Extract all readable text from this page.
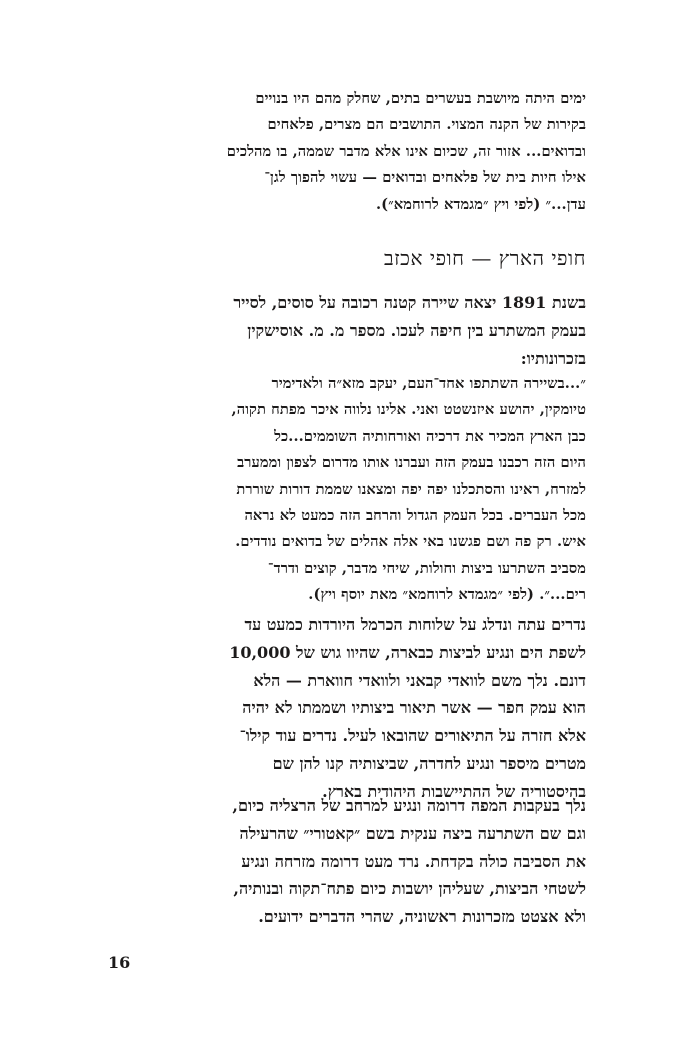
ימים היתה מיושבת בעשרים בתים, שחלק מהם היו בנויים
בקירות של הקנה המצוי. התושבים הם מצרים, פלאחים
ובדואים... אזור זה, שכיום אינו אלא מדבר שממה, בו מהלכים
אילו חיות בית של פלאחים ובדואים — עשוי להפוך לגן־
עדן...״ (לפי ויץ ״מגמדא לרוחמא״).
חופי הארץ — חופי אכזב
בשנת 1891 יצאה שיירה קטנה רכובה על סוסים, לסייר
בעמק המשתרע בין חיפה לעכו. מספר מ. מ. אוסישקין
בזכרונותיו:
״...בשיירה השתתפו אחד־העם, יעקב מזא״ה ולאדימיר
טיומקין, יהושע איזנשטט ואני. אלינו נלווה איכר מפתח תקוה,
כבן הארץ המכיר את דרכיה ואורחותיה השוממים...כל
היום הזה רכבנו בעמק הזה ועברנו אותו מדרום לצפון וממערב
למזרח, ראינו והסתכלנו יפה יפה ומצאנו שממת דורות שוררת
מכל העברים. בכל העמק הגדול והרחב הזה כמעט לא נראה
איש. רק פה ושם פגשנו באי אלה אהלים של בדואים נודדים.
מסביב השתרעו ביצות וחולות, שיחי מדבר, קוצים ודרד־
רים...״. (לפי ״מגמדא לרוחמא״ מאת יוסף ויץ).
נדרים עתה ונדלג על שלוחות הכרמל היורדות כמעט עד
לשפת הים ונגיע לביצות כבארה, שהיוו גוש של 10,000
דונם. נלך משם לוואדי קבאני ולוואדי חווארת — הלא
הוא עמק חפר — אשר תיאור ביצותיו ושממתו לא יהיה
אלא חזרה על התיאורים שהובאו לעיל. נדרים עוד קילו־
מטרים מיספר ונגיע לחדרה, שביצותיה קנו להן שם
בהיסטוריה של ההתיישבות היהודית בארץ.
נלך בעקבות המפה דרומה ונגיע למרחב של הרצליה כיום,
וגם שם השתרעה ביצה ענקית בשם ״קאטורי״ שהרעילה
את הסביבה כולה בקדחת. נרד מעט דרומה מזרחה ונגיע
לשטחי הביצות, שעליהן יושבות כיום פתח־תקוה ובנותיה,
ולא אצטט מזכרונות ראשוניה, שהרי הדברים ידועים.

16
